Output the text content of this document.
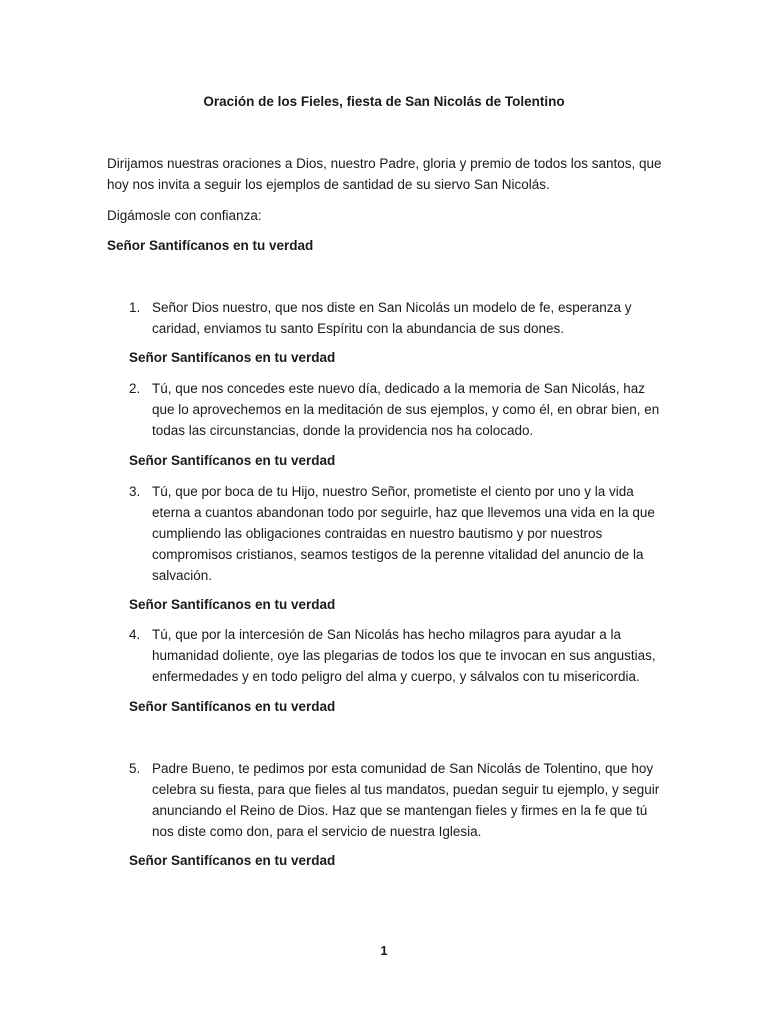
Oración de los Fieles, fiesta de San Nicolás de Tolentino
Dirijamos nuestras oraciones a Dios, nuestro Padre, gloria y premio de todos los santos, que hoy nos invita a seguir los ejemplos de santidad de su siervo San Nicolás.
Digámosle con confianza:
Señor Santifícanos en tu verdad
1. Señor Dios nuestro, que nos diste en San Nicolás un modelo de fe, esperanza y caridad, enviamos tu santo Espíritu con la abundancia de sus dones.
Señor Santifícanos en tu verdad
2. Tú, que nos concedes este nuevo día, dedicado a la memoria de San Nicolás, haz que lo aprovechemos en la meditación de sus ejemplos, y como él, en obrar bien, en todas las circunstancias, donde la providencia nos ha colocado.
Señor Santifícanos en tu verdad
3. Tú, que por boca de tu Hijo, nuestro Señor, prometiste el ciento por uno y la vida eterna a cuantos abandonan todo por seguirle, haz que llevemos una vida en la que cumpliendo las obligaciones contraidas en nuestro bautismo y por nuestros compromisos cristianos, seamos testigos de la perenne vitalidad del anuncio de la salvación.
Señor Santifícanos en tu verdad
4. Tú, que por la intercesión de San Nicolás has hecho milagros para ayudar a la humanidad doliente, oye las plegarias de todos los que te invocan en sus angustias, enfermedades y en todo peligro del alma y cuerpo, y sálvalos con tu misericordia.
Señor Santifícanos en tu verdad
5. Padre Bueno, te pedimos por esta comunidad de San Nicolás de Tolentino, que hoy celebra su fiesta, para que fieles al tus mandatos, puedan seguir tu ejemplo, y seguir anunciando el Reino de Dios. Haz que se mantengan fieles y firmes en la fe que tú nos diste como don, para el servicio de nuestra Iglesia.
Señor Santifícanos en tu verdad
1
